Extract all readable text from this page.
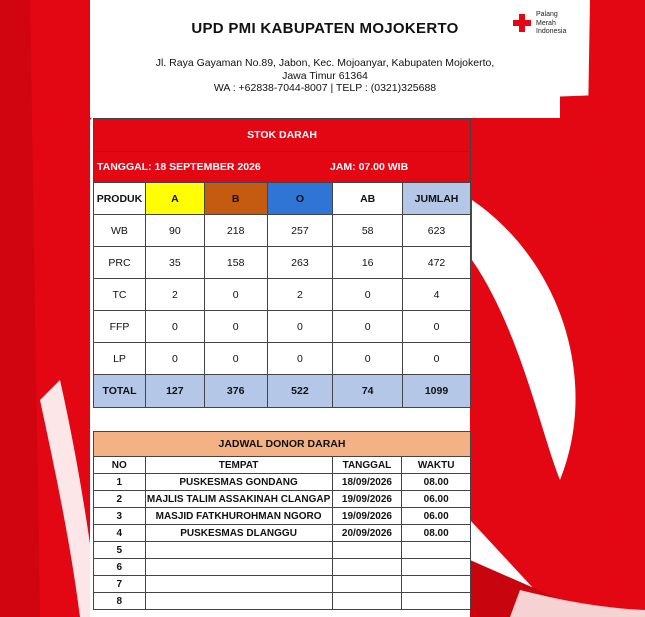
UPD PMI KABUPATEN MOJOKERTO
Jl. Raya Gayaman No.89, Jabon, Kec. Mojoanyar, Kabupaten Mojokerto,
Jawa Timur 61364
WA : +62838-7044-8007 | TELP : (0321)325688
Palang
Merah
Indonesia
STOK DARAH					

TANGGAL: 18 SEPTEMBER 2026 JAM: 07.00 WIB					

PRODUK	A	B	O	AB	JUMLAH
WB	90	218	257	58	623
PRC	35	158	263	16	472
TC	2	0	2	0	4
FFP	0	0	0	0	0
LP	0	0	0	0	0
TOTAL	127	376	522	74	1099
JADWAL DONOR DARAH			
NO	TEMPAT	TANGGAL	WAKTU
1	PUSKESMAS GONDANG	18/09/2026	08.00
2	MAJLIS TALIM ASSAKINAH CLANGAP	19/09/2026	06.00
3	MASJID FATKHUROHMAN NGORO	19/09/2026	06.00
4	PUSKESMAS DLANGGU	20/09/2026	08.00
5			
6			
7			
8			
